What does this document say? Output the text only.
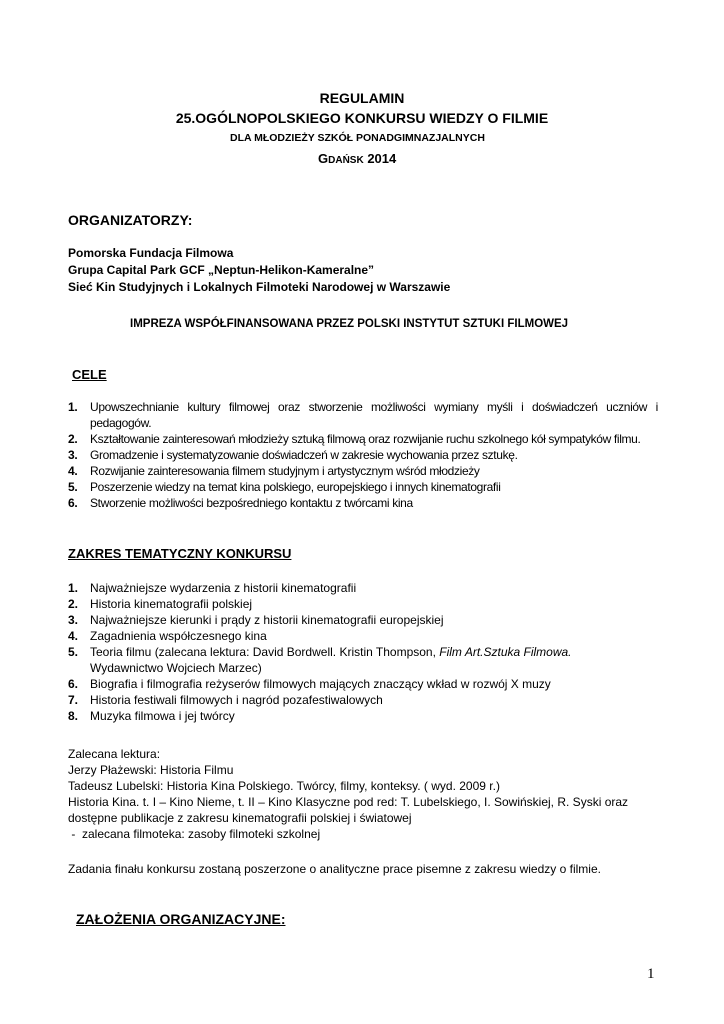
REGULAMIN
25.OGÓLNOPOLSKIEGO KONKURSU WIEDZY O FILMIE
DLA MŁODZIEŻY SZKÓŁ PONADGIMNAZJALNYCH
GDAŃSK 2014
ORGANIZATORZY:
Pomorska Fundacja Filmowa
Grupa Capital Park GCF „Neptun-Helikon-Kameralne”
Sieć Kin Studyjnych i Lokalnych Filmoteki Narodowej w Warszawie
IMPREZA WSPÓŁFINANSOWANA PRZEZ POLSKI INSTYTUT SZTUKI FILMOWEJ
CELE
1. Upowszechnianie kultury filmowej oraz stworzenie możliwości wymiany myśli i doświadczeń uczniów i pedagogów.
2. Kształtowanie zainteresowań młodzieży sztuką filmową oraz rozwijanie ruchu szkolnego kół sympatyków filmu.
3. Gromadzenie i systematyzowanie doświadczeń w zakresie wychowania przez sztukę.
4. Rozwijanie zainteresowania filmem studyjnym i artystycznym wśród młodzieży
5. Poszerzenie wiedzy na temat kina polskiego, europejskiego i innych kinematografii
6. Stworzenie możliwości bezpośredniego kontaktu z twórcami kina
ZAKRES TEMATYCZNY KONKURSU
1. Najważniejsze wydarzenia z historii kinematografii
2. Historia kinematografii polskiej
3. Najważniejsze kierunki i prądy z historii kinematografii europejskiej
4. Zagadnienia współczesnego kina
5. Teoria filmu (zalecana lektura: David Bordwell. Kristin Thompson, Film Art.Sztuka Filmowa.
Wydawnictwo Wojciech Marzec)
6. Biografia i filmografia reżyserów filmowych mających znaczący wkład w rozwój X muzy
7. Historia festiwali filmowych i nagród pozafestiwalowych
8. Muzyka filmowa i jej twórcy
Zalecana lektura:
Jerzy Płażewski: Historia Filmu
Tadeusz Lubelski: Historia Kina Polskiego. Twórcy, filmy, konteksy. ( wyd. 2009 r.)
Historia Kina. t. I – Kino Nieme, t. II – Kino Klasyczne pod red: T. Lubelskiego, I. Sowińskiej, R. Syski oraz
dostępne publikacje z zakresu kinematografii polskiej i światowej
-  zalecana filmoteka: zasoby filmoteki szkolnej
Zadania finału konkursu zostaną poszerzone o analityczne prace pisemne z zakresu wiedzy o filmie.
ZAŁOŻENIA ORGANIZACYJNE:
1
